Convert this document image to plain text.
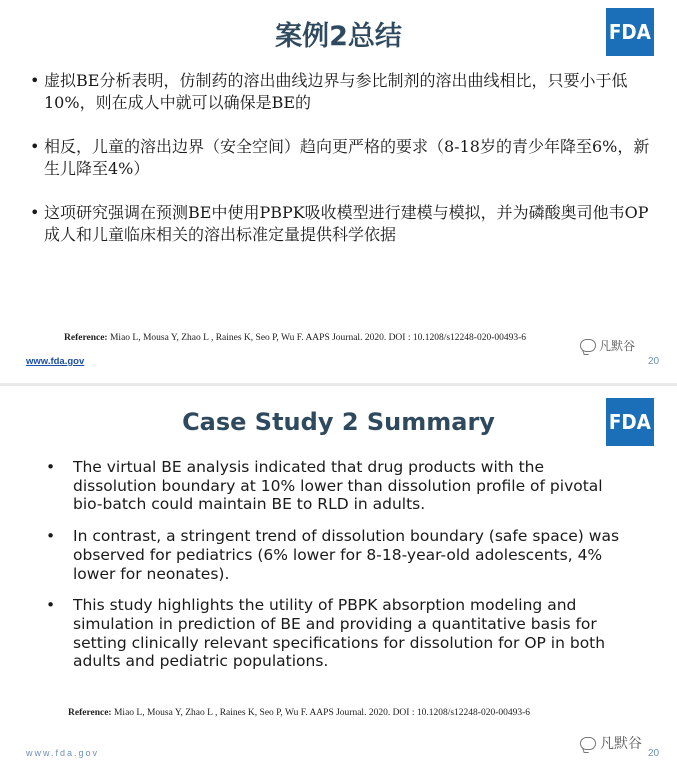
案例2总结	FDA
• 虚拟BE分析表明，仿制药的溶出曲线边界与参比制剂的溶出曲线相比，只要小于低10%，则在成人中就可以确保是BE的
• 相反，儿童的溶出边界（安全空间）趋向更严格的要求（8-18岁的青少年降至6%，新生儿降至4%）
• 这项研究强调在预测BE中使用PBPK吸收模型进行建模与模拟，并为磷酸奥司他韦OP成人和儿童临床相关的溶出标准定量提供科学依据
Reference: Miao L, Mousa Y, Zhao L , Raines K, Seo P, Wu F. AAPS Journal. 2020. DOI : 10.1208/s12248-020-00493-6
凡默谷
www.fda.gov	20
Case Study 2 Summary	FDA
• The virtual BE analysis indicated that drug products with the dissolution boundary at 10% lower than dissolution profile of pivotal bio-batch could maintain BE to RLD in adults.
• In contrast, a stringent trend of dissolution boundary (safe space) was observed for pediatrics (6% lower for 8-18-year-old adolescents, 4% lower for neonates).
• This study highlights the utility of PBPK absorption modeling and simulation in prediction of BE and providing a quantitative basis for setting clinically relevant specifications for dissolution for OP in both adults and pediatric populations.
Reference: Miao L, Mousa Y, Zhao L , Raines K, Seo P, Wu F. AAPS Journal. 2020. DOI : 10.1208/s12248-020-00493-6
凡默谷
www.fda.gov	20
